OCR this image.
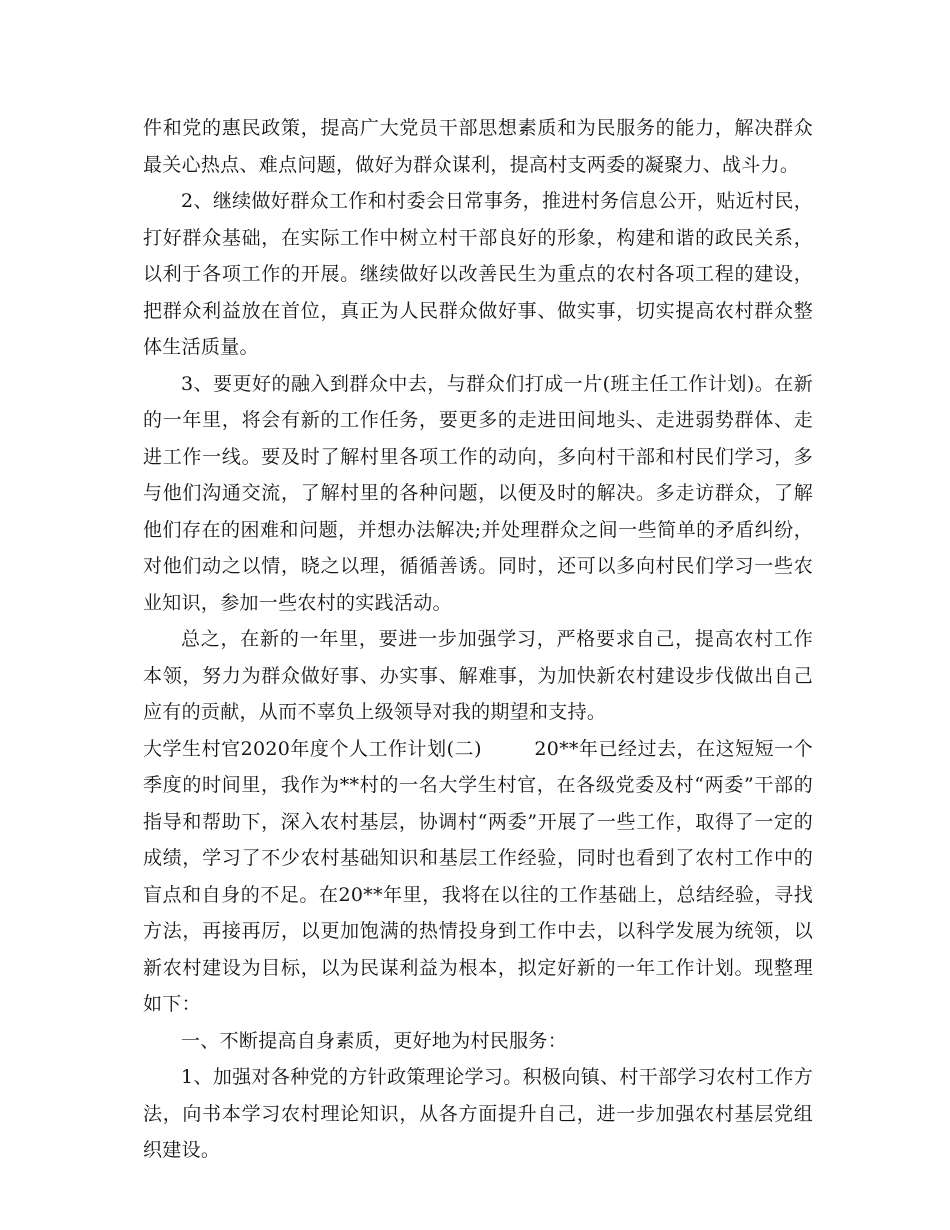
件和党的惠民政策，提高广大党员干部思想素质和为民服务的能力，解决群众最关心热点、难点问题，做好为群众谋利，提高村支两委的凝聚力、战斗力。

2、继续做好群众工作和村委会日常事务，推进村务信息公开，贴近村民，打好群众基础，在实际工作中树立村干部良好的形象，构建和谐的政民关系，以利于各项工作的开展。继续做好以改善民生为重点的农村各项工程的建设，把群众利益放在首位，真正为人民群众做好事、做实事，切实提高农村群众整体生活质量。

3、要更好的融入到群众中去，与群众们打成一片(班主任工作计划)。在新的一年里，将会有新的工作任务，要更多的走进田间地头、走进弱势群体、走进工作一线。要及时了解村里各项工作的动向，多向村干部和村民们学习，多与他们沟通交流，了解村里的各种问题，以便及时的解决。多走访群众，了解他们存在的困难和问题，并想办法解决;并处理群众之间一些简单的矛盾纠纷，对他们动之以情，晓之以理，循循善诱。同时，还可以多向村民们学习一些农业知识，参加一些农村的实践活动。

总之，在新的一年里，要进一步加强学习，严格要求自己，提高农村工作本领，努力为群众做好事、办实事、解难事，为加快新农村建设步伐做出自己应有的贡献，从而不辜负上级领导对我的期望和支持。

大学生村官2020年度个人工作计划(二)	20**年已经过去，在这短短一个季度的时间里，我作为**村的一名大学生村官，在各级党委及村“两委”干部的指导和帮助下，深入农村基层，协调村“两委”开展了一些工作，取得了一定的成绩，学习了不少农村基础知识和基层工作经验，同时也看到了农村工作中的盲点和自身的不足。在20**年里，我将在以往的工作基础上，总结经验，寻找方法，再接再厉，以更加饱满的热情投身到工作中去，以科学发展为统领，以新农村建设为目标，以为民谋利益为根本，拟定好新的一年工作计划。现整理如下：

一、不断提高自身素质，更好地为村民服务：

1、加强对各种党的方针政策理论学习。积极向镇、村干部学习农村工作方法，向书本学习农村理论知识，从各方面提升自己，进一步加强农村基层党组织建设。
